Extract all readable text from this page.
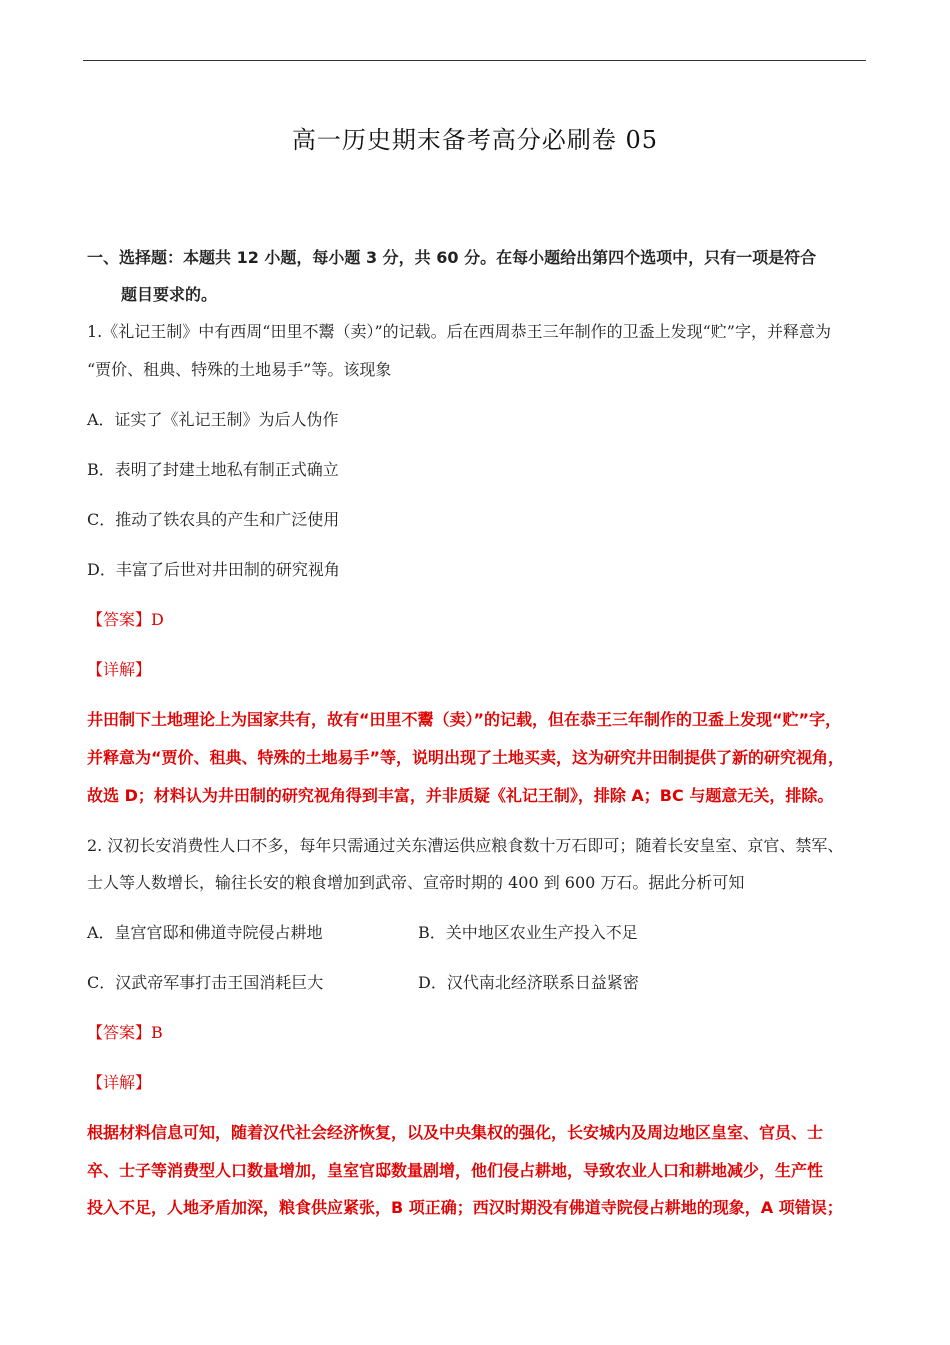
高一历史期末备考高分必刷卷 05
一、选择题：本题共 12 小题，每小题 3 分，共 60 分。在每小题给出第四个选项中，只有一项是符合
题目要求的。
1.《礼记王制》中有西周“田里不鬻（卖）”的记载。后在西周恭王三年制作的卫盉上发现“贮”字，并释意为
“贾价、租典、特殊的土地易手”等。该现象
A．证实了《礼记王制》为后人伪作
B．表明了封建土地私有制正式确立
C．推动了铁农具的产生和广泛使用
D．丰富了后世对井田制的研究视角
【答案】D
【详解】
井田制下土地理论上为国家共有，故有“田里不鬻（卖）”的记载，但在恭王三年制作的卫盉上发现“贮”字，
并释意为“贾价、租典、特殊的土地易手”等，说明出现了土地买卖，这为研究井田制提供了新的研究视角，
故选 D；材料认为井田制的研究视角得到丰富，并非质疑《礼记王制》，排除 A；BC 与题意无关，排除。
2. 汉初长安消费性人口不多，每年只需通过关东漕运供应粮食数十万石即可；随着长安皇室、京官、禁军、
士人等人数增长，输往长安的粮食增加到武帝、宣帝时期的 400 到 600 万石。据此分析可知
A．皇宫官邸和佛道寺院侵占耕地	B．关中地区农业生产投入不足
C．汉武帝军事打击王国消耗巨大	D．汉代南北经济联系日益紧密
【答案】B
【详解】
根据材料信息可知，随着汉代社会经济恢复，以及中央集权的强化，长安城内及周边地区皇室、官员、士
卒、士子等消费型人口数量增加，皇室官邸数量剧增，他们侵占耕地，导致农业人口和耕地减少，生产性
投入不足，人地矛盾加深，粮食供应紧张，B 项正确；西汉时期没有佛道寺院侵占耕地的现象，A 项错误；
